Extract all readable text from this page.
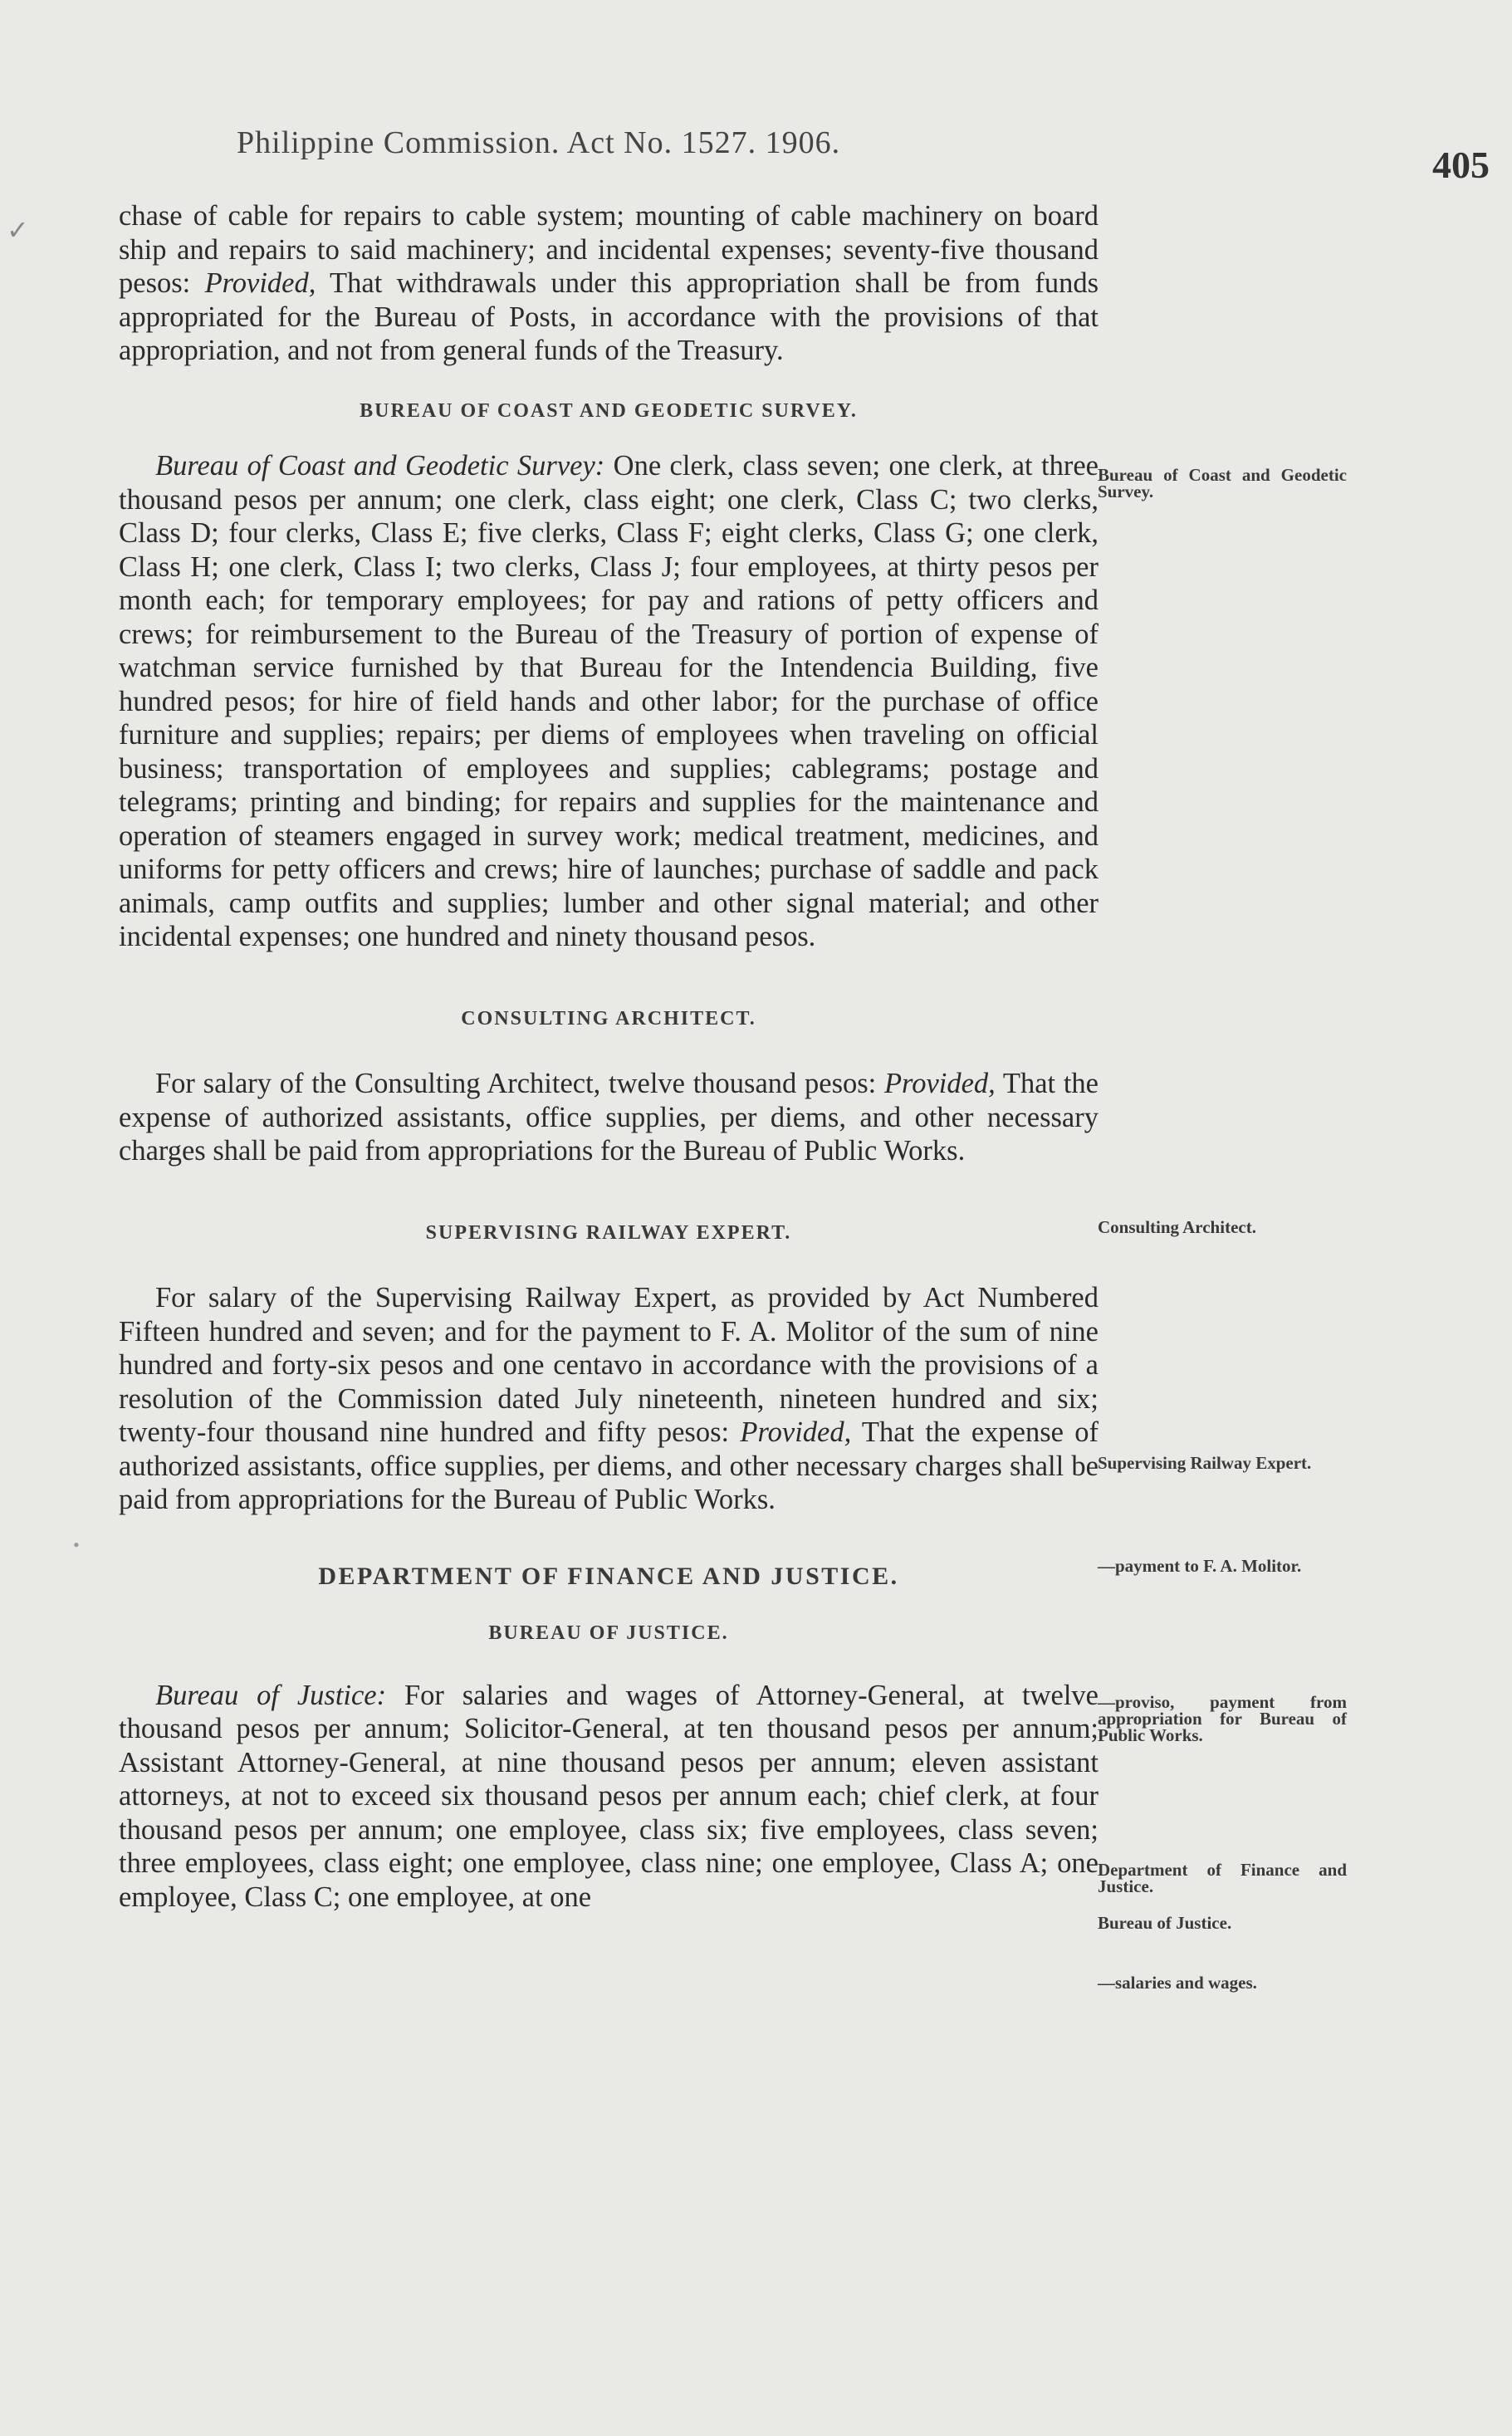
Philippine Commission. Act No. 1527. 1906.
405
✓
•

chase of cable for repairs to cable system; mounting of cable machinery on board ship and repairs to said machinery; and incidental expenses; seventy-five thousand pesos: Provided, That withdrawals under this appropriation shall be from funds appropriated for the Bureau of Posts, in accordance with the provisions of that appropriation, and not from general funds of the Treasury.

BUREAU OF COAST AND GEODETIC SURVEY.

Bureau of Coast and Geodetic Survey: One clerk, class seven; one clerk, at three thousand pesos per annum; one clerk, class eight; one clerk, Class C; two clerks, Class D; four clerks, Class E; five clerks, Class F; eight clerks, Class G; one clerk, Class H; one clerk, Class I; two clerks, Class J; four employees, at thirty pesos per month each; for temporary employees; for pay and rations of petty officers and crews; for reimbursement to the Bureau of the Treasury of portion of expense of watchman service furnished by that Bureau for the Intendencia Building, five hundred pesos; for hire of field hands and other labor; for the purchase of office furniture and supplies; repairs; per diems of employees when traveling on official business; transportation of employees and supplies; cablegrams; postage and telegrams; printing and binding; for repairs and supplies for the maintenance and operation of steamers engaged in survey work; medical treatment, medicines, and uniforms for petty officers and crews; hire of launches; purchase of saddle and pack animals, camp outfits and supplies; lumber and other signal material; and other incidental expenses; one hundred and ninety thousand pesos.

CONSULTING ARCHITECT.

For salary of the Consulting Architect, twelve thousand pesos: Provided, That the expense of authorized assistants, office supplies, per diems, and other necessary charges shall be paid from appropriations for the Bureau of Public Works.

SUPERVISING RAILWAY EXPERT.

For salary of the Supervising Railway Expert, as provided by Act Numbered Fifteen hundred and seven; and for the payment to F. A. Molitor of the sum of nine hundred and forty-six pesos and one centavo in accordance with the provisions of a resolution of the Commission dated July nineteenth, nineteen hundred and six; twenty-four thousand nine hundred and fifty pesos: Provided, That the expense of authorized assistants, office supplies, per diems, and other necessary charges shall be paid from appropriations for the Bureau of Public Works.

DEPARTMENT OF FINANCE AND JUSTICE.
BUREAU OF JUSTICE.

Bureau of Justice: For salaries and wages of Attorney-General, at twelve thousand pesos per annum; Solicitor-General, at ten thousand pesos per annum; Assistant Attorney-General, at nine thousand pesos per annum; eleven assistant attorneys, at not to exceed six thousand pesos per annum each; chief clerk, at four thousand pesos per annum; one employee, class six; five employees, class seven; three employees, class eight; one employee, class nine; one employee, Class A; one employee, Class C; one employee, at one

Bureau of Coast and Geodetic Survey.
Consulting Architect.
Supervising Railway Expert.
—payment to F. A. Molitor.
—proviso, payment from appropriation for Bureau of Public Works.
Department of Finance and Justice.
Bureau of Justice.
—salaries and wages.
